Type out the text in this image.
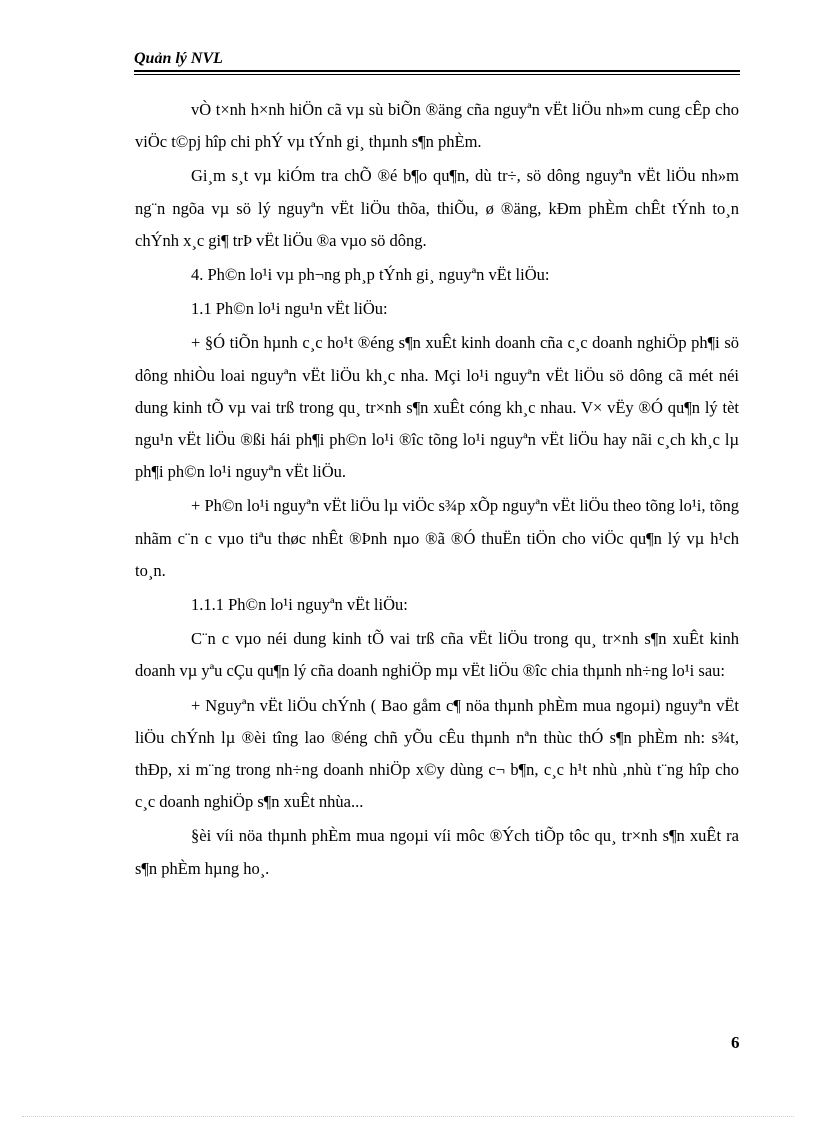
Quản lý NVL

vÒ t×nh h×nh hiÖn cã vµ sù biÕn ®äng cña nguyªn vËt liÖu nh»m cung cÊp cho viÖc t©pj hîp chi phÝ vµ tÝnh gi¸ thµnh s¶n phÈm.

Gi¸m s¸t vµ kiÓm tra chÕ ®é b¶o qu¶n, dù tr÷, sö dông nguyªn vËt liÖu nh»m ng¨n ngõa vµ sö lý nguyªn vËt liÖu thõa, thiÕu, ø ®äng, kÐm phÈm chÊt tÝnh to¸n chÝnh x¸c gi¶ trÞ vËt liÖu ®a vµo sö dông.

4. Ph©n lo¹i vµ ph¬ng ph¸p tÝnh gi¸ nguyªn vËt liÖu:

1.1 Ph©n lo¹i ngu¹n vËt liÖu:

+ §Ó tiÕn hµnh c¸c ho¹t ®éng s¶n xuÊt kinh doanh cña c¸c doanh nghiÖp ph¶i sö dông nhiÒu loai nguyªn vËt liÖu kh¸c nha. Mçi lo¹i nguyªn vËt liÖu sö dông cã mét néi dung kinh tÕ vµ vai trß trong qu¸ tr×nh s¶n xuÊt cóng kh¸c nhau. V× vËy ®Ó qu¶n lý tèt ngu¹n vËt liÖu ®ßi hái ph¶i ph©n lo¹i ®îc tõng lo¹i nguyªn vËt liÖu hay nãi c¸ch kh¸c lµ ph¶i ph©n lo¹i nguyªn vËt liÖu.

+ Ph©n lo¹i nguyªn vËt liÖu lµ viÖc s¾p xÕp nguyªn vËt liÖu theo tõng lo¹i, tõng nhãm c¨n c vµo tiªu thøc nhÊt ®Þnh nµo ®ã ®Ó thuËn tiÖn cho viÖc qu¶n lý vµ h¹ch to¸n.

1.1.1 Ph©n lo¹i nguyªn vËt liÖu:

C¨n c vµo néi dung kinh tÕ vai trß cña vËt liÖu trong qu¸ tr×nh s¶n xuÊt kinh doanh vµ yªu cÇu qu¶n lý cña doanh nghiÖp mµ vËt liÖu ®îc chia thµnh nh÷ng lo¹i sau:

+ Nguyªn vËt liÖu chÝnh ( Bao gåm c¶ nöa thµnh phÈm mua ngoµi) nguyªn vËt liÖu chÝnh lµ ®èi tîng lao ®éng chñ yÕu cÊu thµnh nªn thùc thÓ s¶n phÈm nh: s¾t, thÐp, xi m¨ng trong nh÷ng doanh nhiÖp x©y dùng c¬ b¶n, c¸c h¹t nhù ,nhù t¨ng hîp cho c¸c doanh nghiÖp s¶n xuÊt nhùa...

§èi víi nöa thµnh phÈm mua ngoµi víi môc ®Ých tiÕp tôc qu¸ tr×nh s¶n xuÊt ra s¶n phÈm hµng ho¸.

6
